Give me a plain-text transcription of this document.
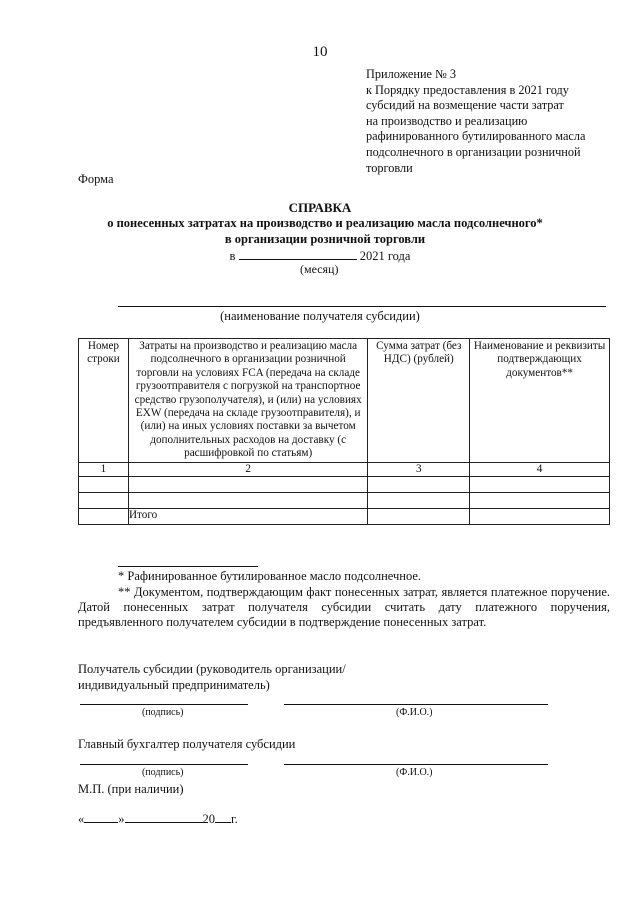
10
Приложение № 3
к Порядку предоставления в 2021 году
субсидий на возмещение части затрат
на производство и реализацию
рафинированного бутилированного масла
подсолнечного в организации розничной
торговли
Форма
СПРАВКА
о понесенных затратах на производство и реализацию масла подсолнечного*
в организации розничной торговли
в	2021 года
(месяц)
(наименование получателя субсидии)
Номер строки	Затраты на производство и реализацию масла подсолнечного в организации розничной торговли на условиях FCA (передача на складе грузоотправителя с погрузкой на транспортное средство грузополучателя), и (или) на условиях EXW (передача на складе грузоотправителя), и (или) на иных условиях поставки за вычетом дополнительных расходов на доставку (с расшифровкой по статьям)	Сумма затрат (без НДС) (рублей)	Наименование и реквизиты подтверждающих документов**
1	2	3	4

	Итого		
* Рафинированное бутилированное масло подсолнечное.
** Документом, подтверждающим факт понесенных затрат, является платежное поручение. Датой понесенных затрат получателя субсидии считать дату платежного поручения, предъявленного получателем субсидии в подтверждение понесенных затрат.
Получатель субсидии (руководитель организации/ индивидуальный предприниматель)
(подпись)	(Ф.И.О.)
Главный бухгалтер получателя субсидии
(подпись)	(Ф.И.О.)
М.П. (при наличии)
«	»	20 г.
